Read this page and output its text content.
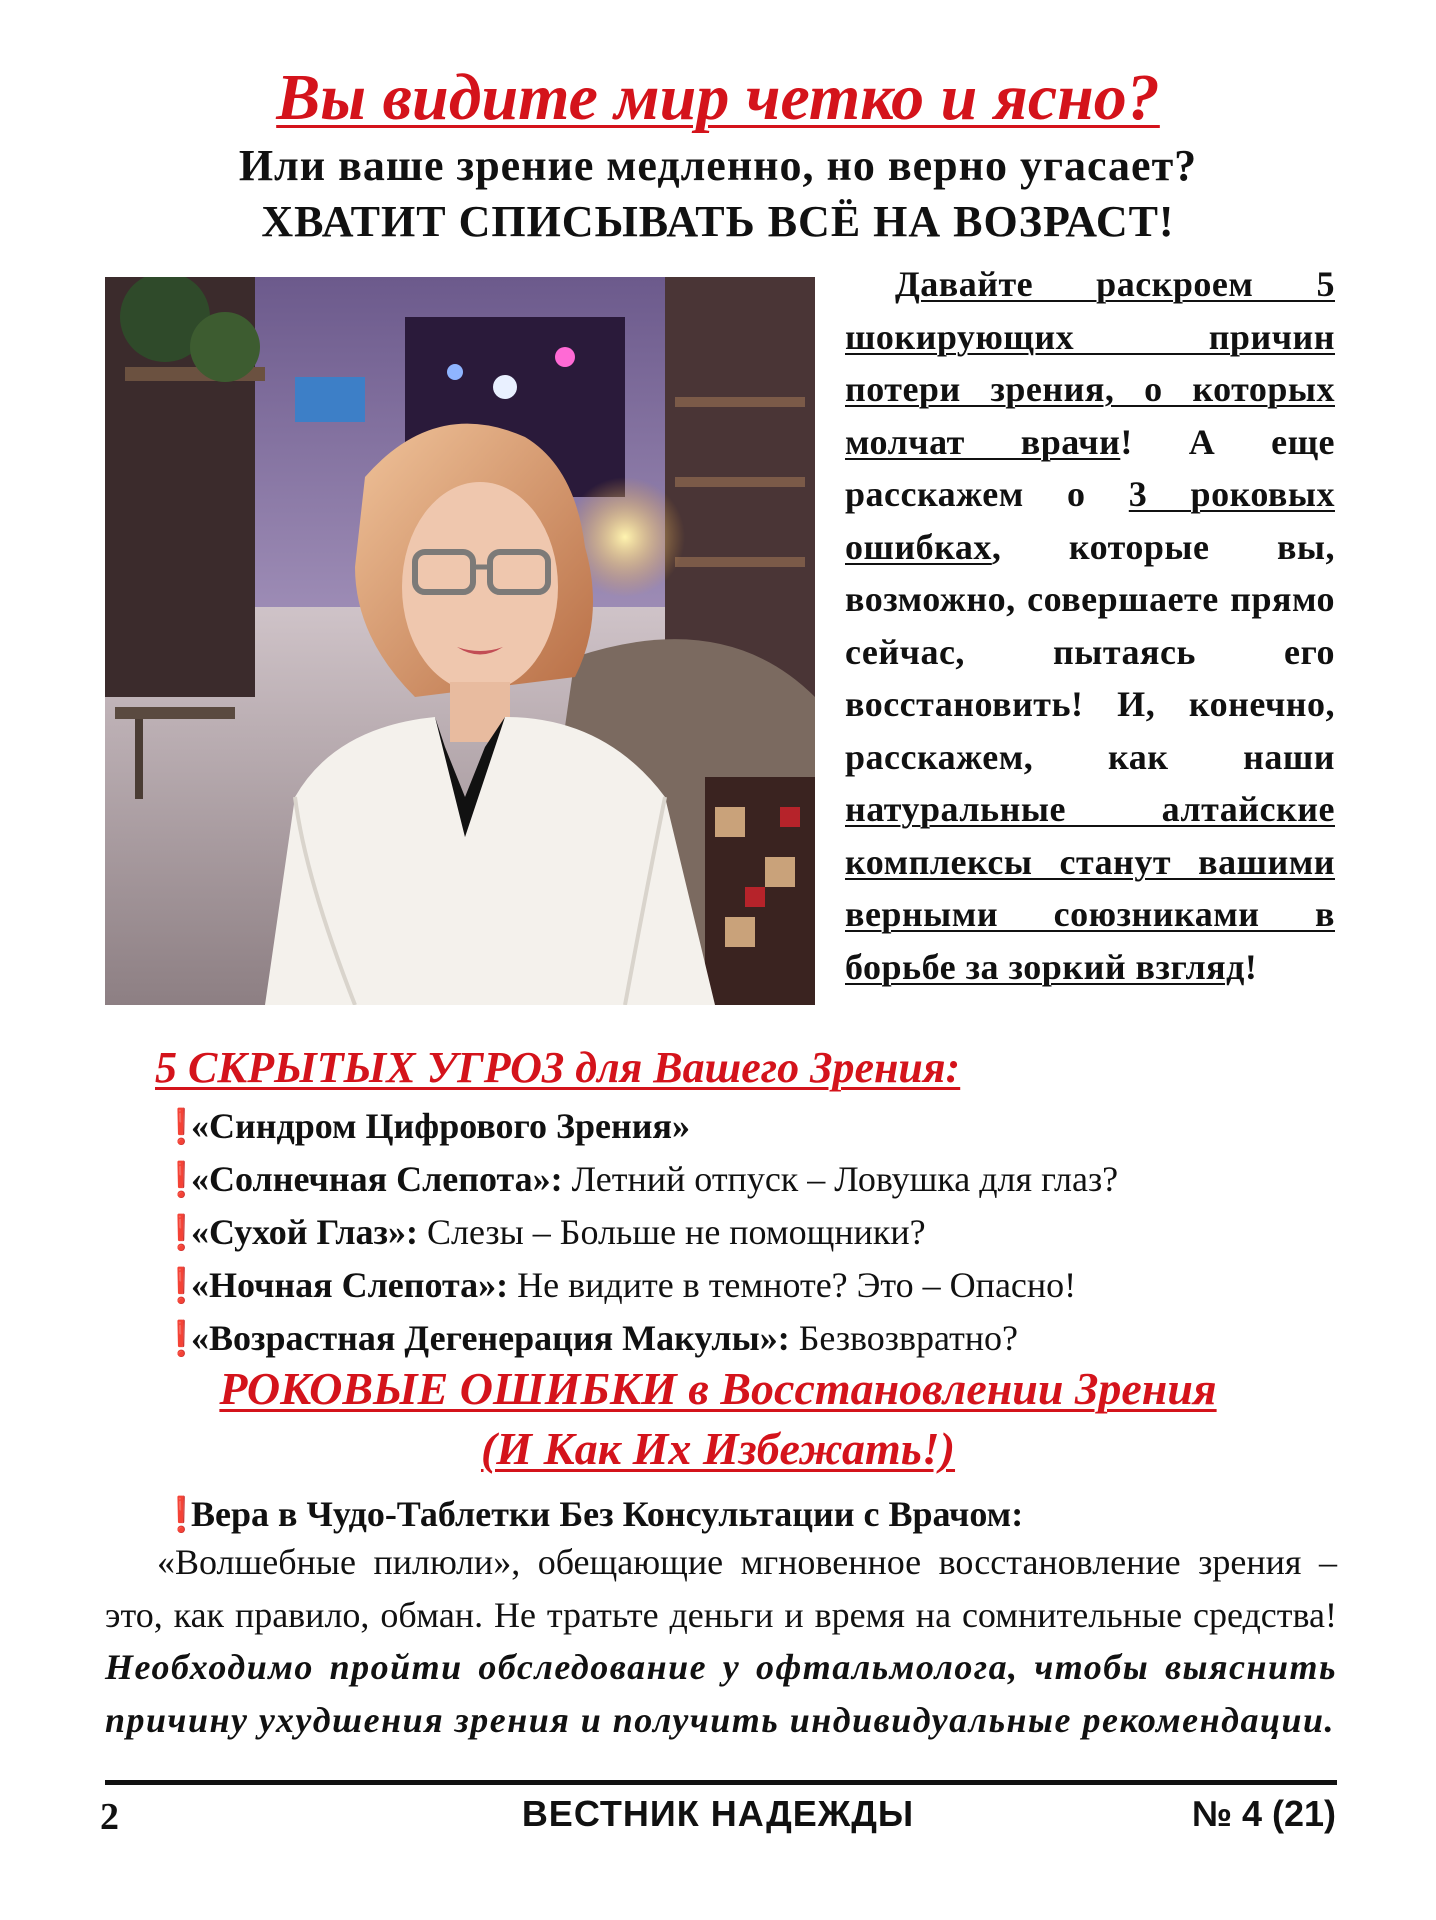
Вы видите мир четко и ясно?
Или ваше зрение медленно, но верно угасает?
ХВАТИТ СПИСЫВАТЬ ВСЁ НА ВОЗРАСТ!
Давайте раскроем 5 шокирующих причин потери зрения, о которых молчат врачи! А еще расскажем о 3 роковых ошибках, которые вы, возможно, совершаете прямо сейчас, пытаясь его восстановить! И, конечно, расскажем, как наши натуральные алтайские комплексы станут вашими верными союзниками в борьбе за зоркий взгляд!
5 СКРЫТЫХ УГРОЗ для Вашего Зрения:
❗ «Синдром Цифрового Зрения»
❗ «Солнечная Слепота»: Летний отпуск – Ловушка для глаз?
❗ «Сухой Глаз»: Слезы – Больше не помощники?
❗ «Ночная Слепота»: Не видите в темноте? Это – Опасно!
❗ «Возрастная Дегенерация Макулы»: Безвозвратно?
РОКОВЫЕ ОШИБКИ в Восстановлении Зрения
(И Как Их Избежать!)
❗ Вера в Чудо-Таблетки Без Консультации с Врачом:
«Волшебные пилюли», обещающие мгновенное восстановление зрения – это, как правило, обман. Не тратьте деньги и время на сомнительные средства! Необходимо пройти обследование у офтальмолога, чтобы выяснить причину ухудшения зрения и получить индивидуальные рекомендации.
2	ВЕСТНИК НАДЕЖДЫ	№ 4 (21)
